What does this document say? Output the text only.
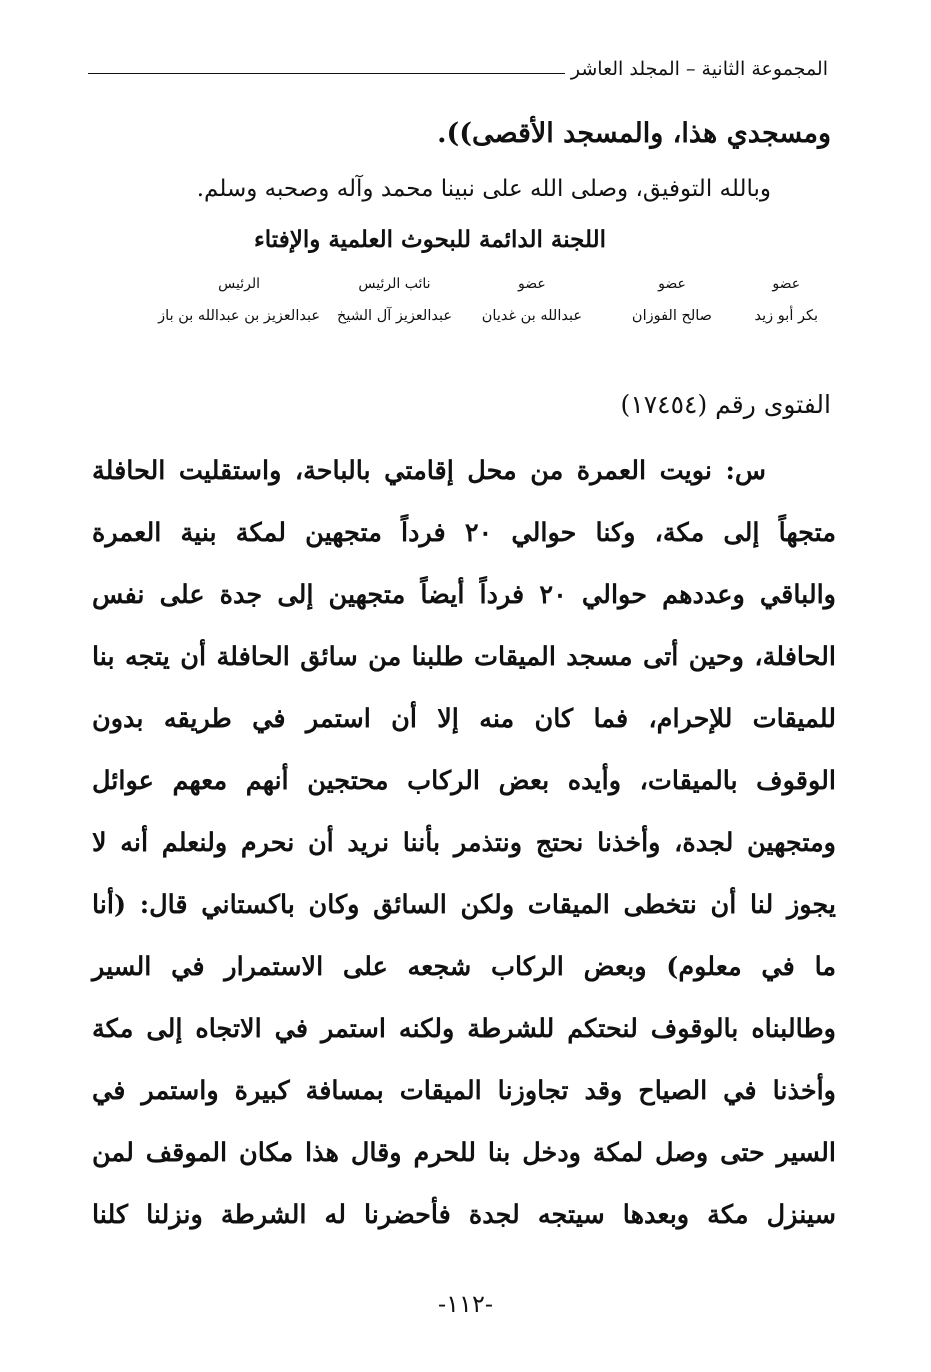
المجموعة الثانية – المجلد العاشر
ومسجدي هذا، والمسجد الأقصى)).
وبالله التوفيق، وصلى الله على نبينا محمد وآله وصحبه وسلم.
اللجنة الدائمة للبحوث العلمية والإفتاء
عضو
بكر أبو زيد
عضو
صالح الفوزان
عضو
عبدالله بن غديان
نائب الرئيس
عبدالعزيز آل الشيخ
الرئيس
عبدالعزيز بن عبدالله بن باز
الفتوى رقم (١٧٤٥٤)
س: نويت العمرة من محل إقامتي بالباحة، واستقليت الحافلة
متجهاً إلى مكة، وكنا حوالي ٢٠ فرداً متجهين لمكة بنية العمرة
والباقي وعددهم حوالي ٢٠ فرداً أيضاً متجهين إلى جدة على نفس
الحافلة، وحين أتى مسجد الميقات طلبنا من سائق الحافلة أن يتجه بنا
للميقات للإحرام، فما كان منه إلا أن استمر في طريقه بدون
الوقوف بالميقات، وأيده بعض الركاب محتجين أنهم معهم عوائل
ومتجهين لجدة، وأخذنا نحتج ونتذمر بأننا نريد أن نحرم ولنعلم أنه لا
يجوز لنا أن نتخطى الميقات ولكن السائق وكان باكستاني قال: (أنا
ما في معلوم) وبعض الركاب شجعه على الاستمرار في السير
وطالبناه بالوقوف لنحتكم للشرطة ولكنه استمر في الاتجاه إلى مكة
وأخذنا في الصياح وقد تجاوزنا الميقات بمسافة كبيرة واستمر في
السير حتى وصل لمكة ودخل بنا للحرم وقال هذا مكان الموقف لمن
سينزل مكة وبعدها سيتجه لجدة فأحضرنا له الشرطة ونزلنا كلنا
-١١٢-
